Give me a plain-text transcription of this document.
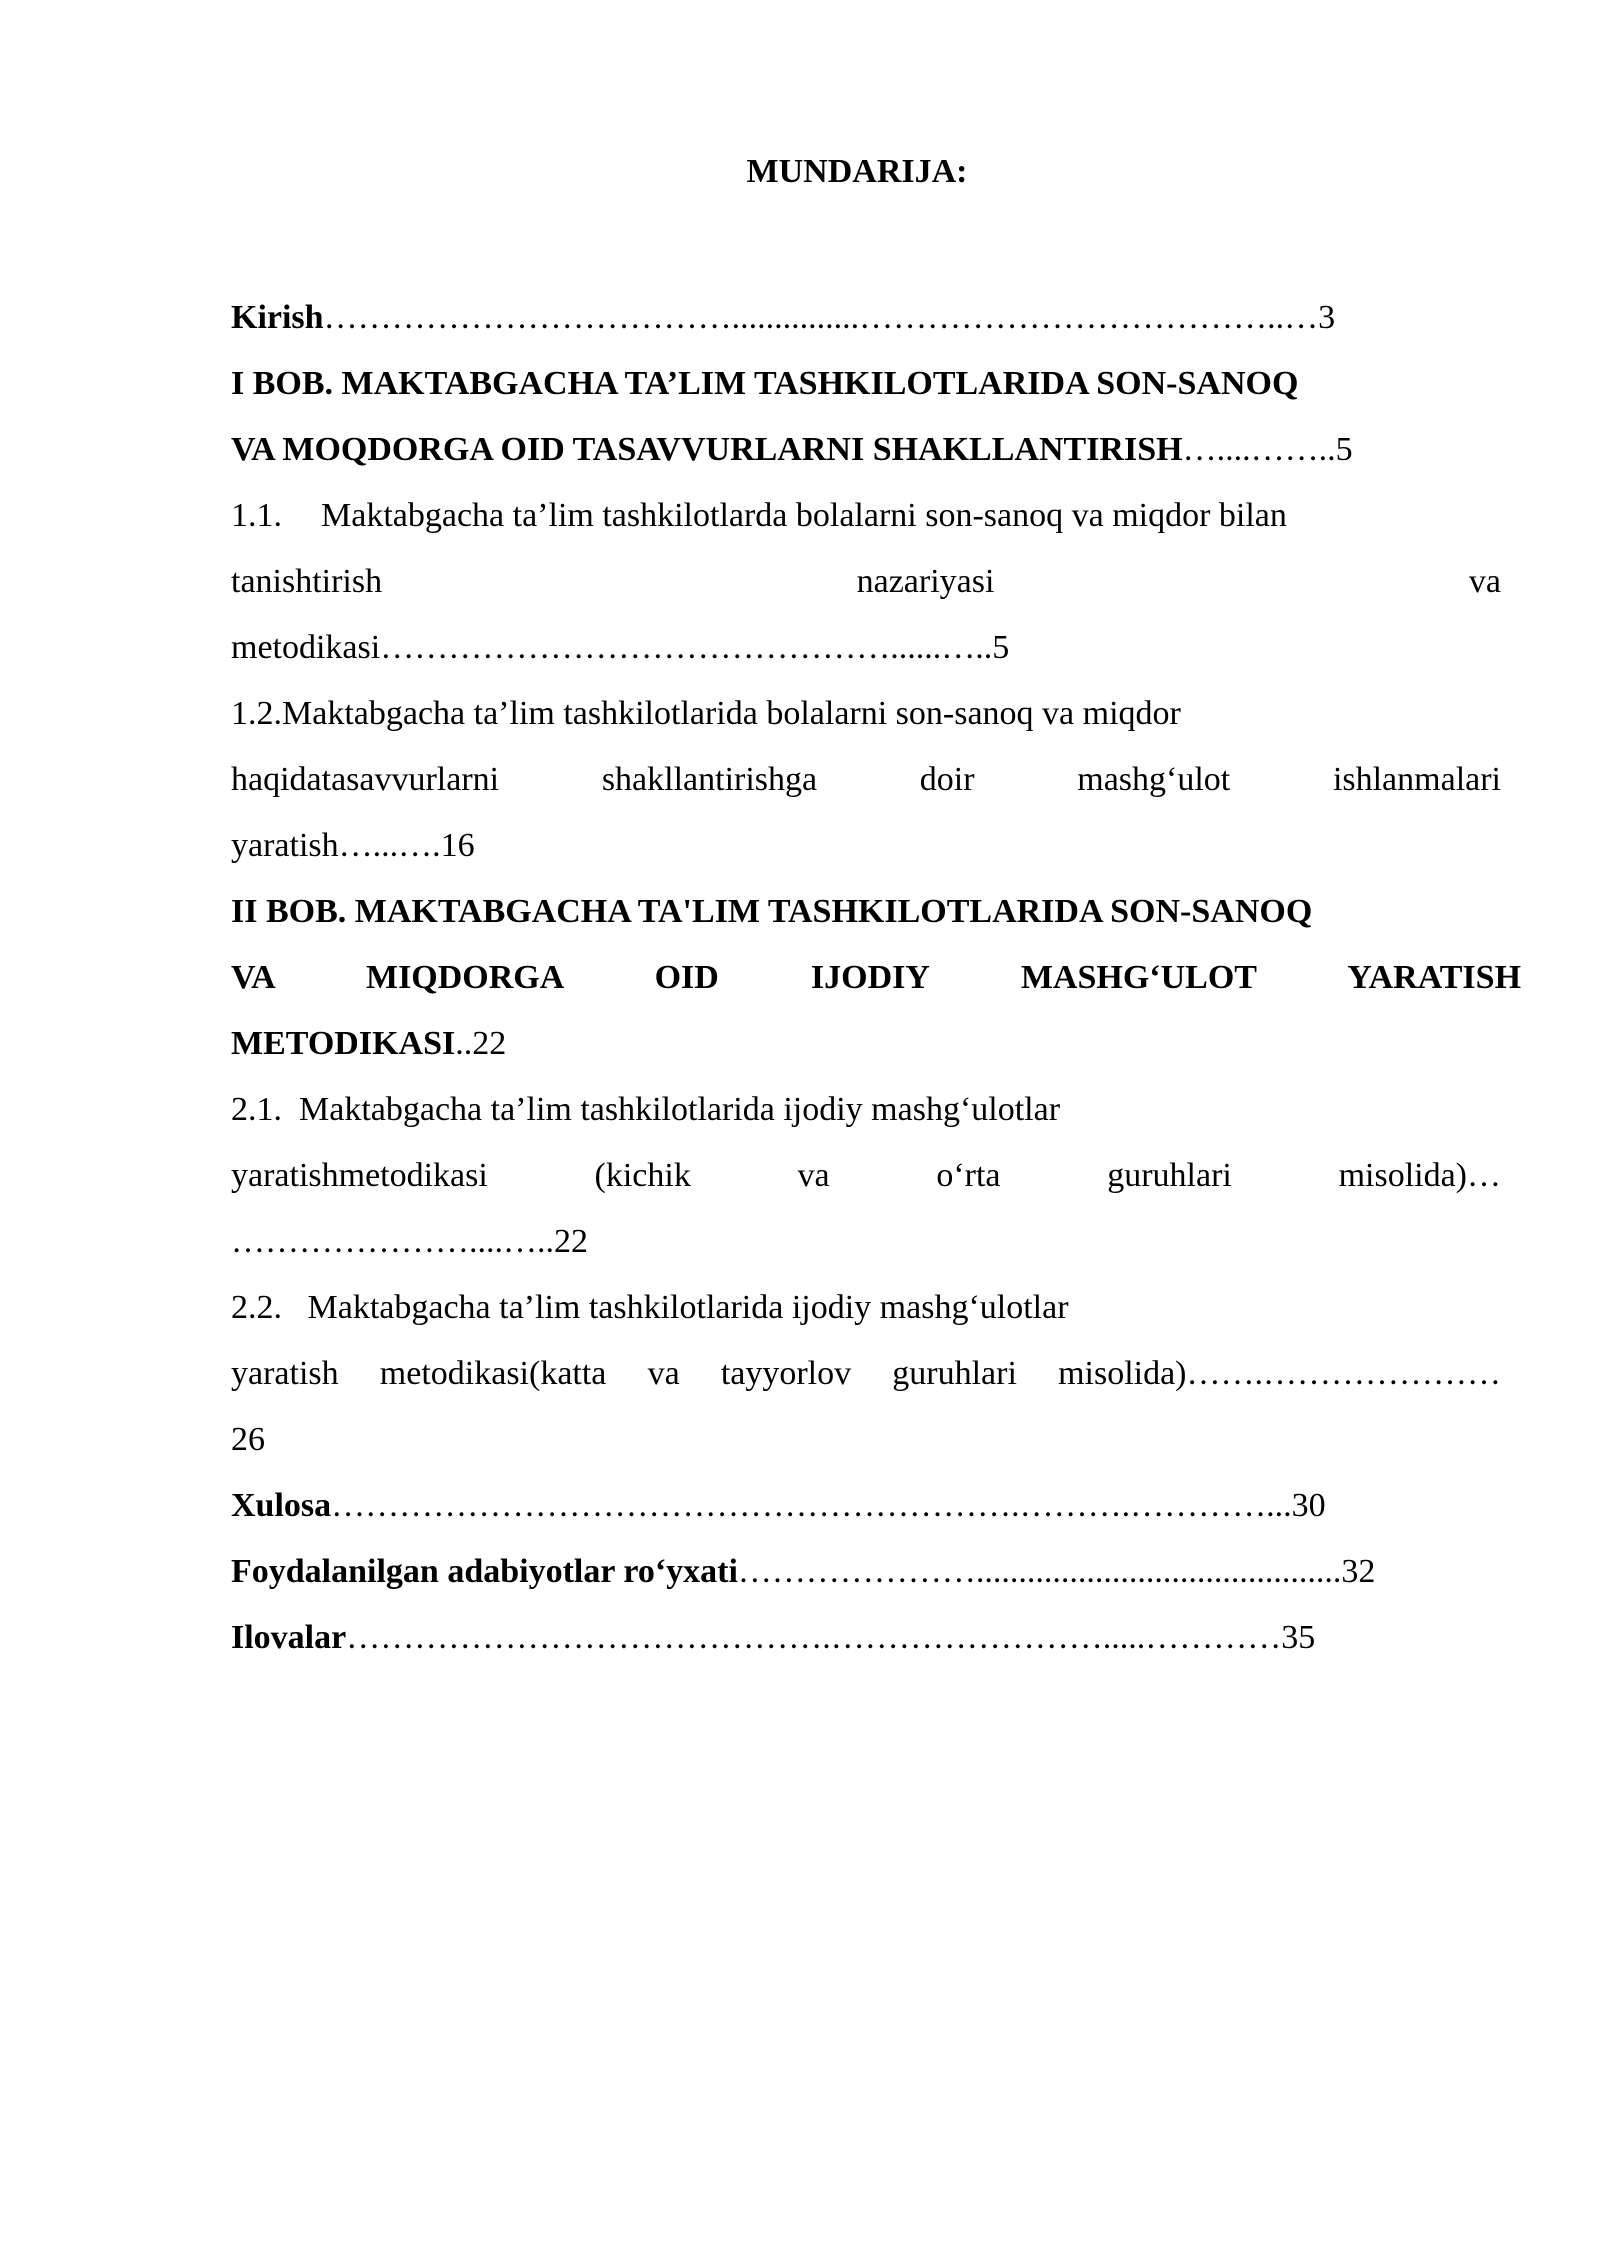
MUNDARIJA:
Kirish………………………………...............………………………………..…3
I BOB. MAKTABGACHA TA’LIM TASHKILOTLARIDA SON-SANOQ
VA MOQDORGA OID TASAVVURLARNI SHAKLLANTIRISH…....……..5
1.1. Maktabgacha ta’lim tashkilotlarda bolalarni son-sanoq va miqdor bilan
tanishtirish	nazariyasi	va
metodikasi………………………………………......…..5
1.2.Maktabgacha ta’lim tashkilotlarida bolalarni son-sanoq va miqdor
haqidatasavvurlarni	shakllantirishga	doir	mashg‘ulot	ishlanmalari
yaratish…...….16
II BOB. MAKTABGACHA TA'LIM TASHKILOTLARIDA SON-SANOQ
VA	MIQDORGA	OID	IJODIY	MASHG‘ULOT	YARATISH
METODIKASI..22
2.1.  Maktabgacha ta’lim tashkilotlarida ijodiy mashg‘ulotlar
yaratishmetodikasi	(kichik	va	o‘rta	guruhlari	misolida)…
…………………....…..22
2.2.   Maktabgacha ta’lim tashkilotlarida ijodiy mashg‘ulotlar
yaratish metodikasi(katta va tayyorlov guruhlari misolida)…….…………………
26
Xulosa…………………………………………………….……….…………...30
Foydalanilgan adabiyotlar ro‘yxati…………………...........................................32
Ilovalar…………………………………….…………………….....…………35
